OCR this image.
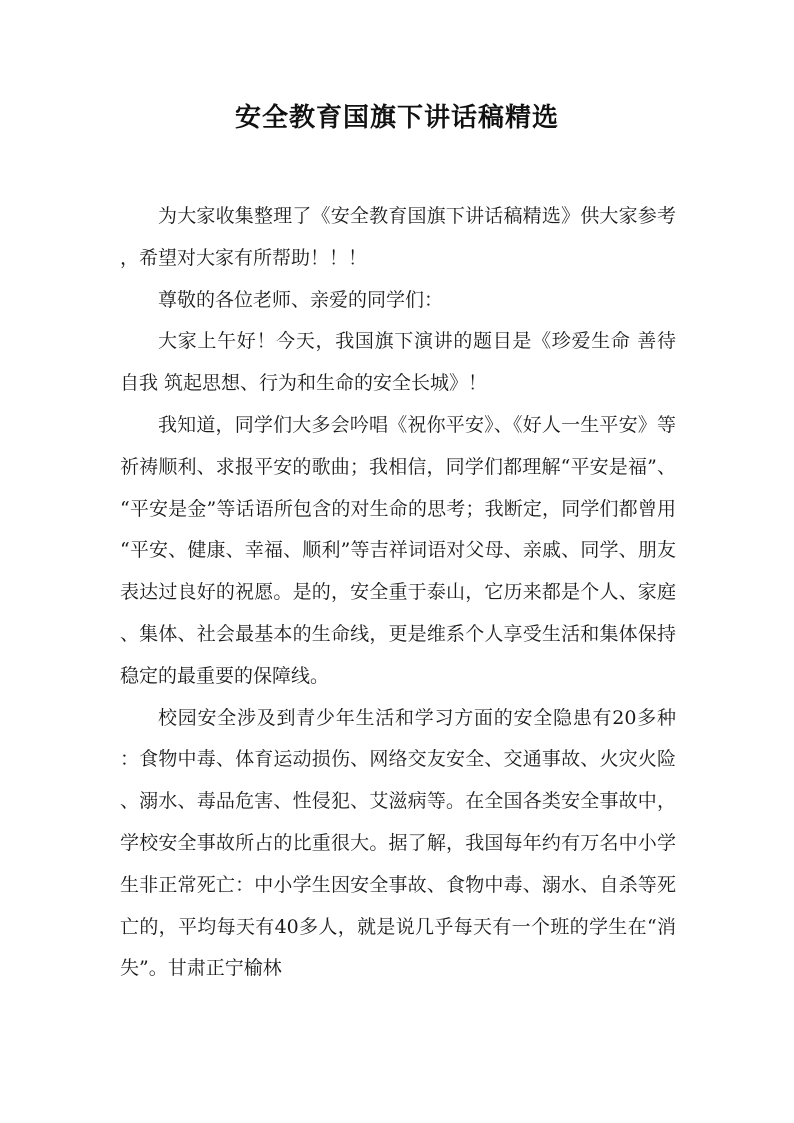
安全教育国旗下讲话稿精选

为大家收集整理了《安全教育国旗下讲话稿精选》供大家参考，希望对大家有所帮助！！！

尊敬的各位老师、亲爱的同学们：

大家上午好！今天，我国旗下演讲的题目是《珍爱生命 善待自我 筑起思想、行为和生命的安全长城》！

我知道，同学们大多会吟唱《祝你平安》、《好人一生平安》等祈祷顺利、求报平安的歌曲；我相信，同学们都理解“平安是福”、“平安是金”等话语所包含的对生命的思考；我断定，同学们都曾用“平安、健康、幸福、顺利”等吉祥词语对父母、亲戚、同学、朋友表达过良好的祝愿。是的，安全重于泰山，它历来都是个人、家庭、集体、社会最基本的生命线，更是维系个人享受生活和集体保持稳定的最重要的保障线。

校园安全涉及到青少年生活和学习方面的安全隐患有20多种：食物中毒、体育运动损伤、网络交友安全、交通事故、火灾火险、溺水、毒品危害、性侵犯、艾滋病等。在全国各类安全事故中，学校安全事故所占的比重很大。据了解，我国每年约有万名中小学生非正常死亡：中小学生因安全事故、食物中毒、溺水、自杀等死亡的，平均每天有40多人，就是说几乎每天有一个班的学生在“消失”。甘肃正宁榆林
